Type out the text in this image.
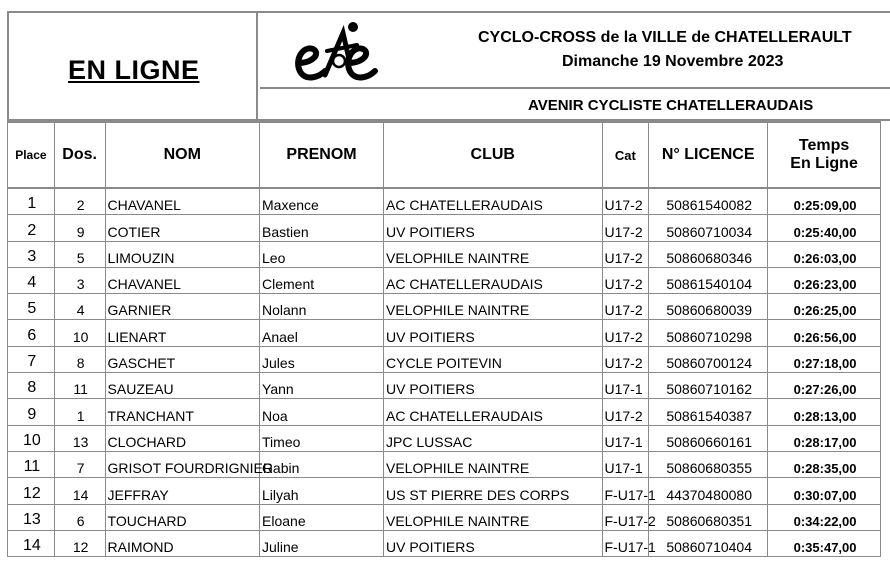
EN LIGNE
CYCLO-CROSS de la VILLE de CHATELLERAULT
Dimanche 19 Novembre 2023
AVENIR CYCLISTE CHATELLERAUDAIS
Place	Dos.	NOM	PRENOM	CLUB	Cat	N° LICENCE	Temps
En Ligne

1	2	CHAVANEL	Maxence	AC CHATELLERAUDAIS	U17-2	50861540082	0:25:09,00
2	9	COTIER	Bastien	UV POITIERS	U17-2	50860710034	0:25:40,00
3	5	LIMOUZIN	Leo	VELOPHILE NAINTRE	U17-2	50860680346	0:26:03,00
4	3	CHAVANEL	Clement	AC CHATELLERAUDAIS	U17-2	50861540104	0:26:23,00
5	4	GARNIER	Nolann	VELOPHILE NAINTRE	U17-2	50860680039	0:26:25,00
6	10	LIENART	Anael	UV POITIERS	U17-2	50860710298	0:26:56,00
7	8	GASCHET	Jules	CYCLE POITEVIN	U17-2	50860700124	0:27:18,00
8	11	SAUZEAU	Yann	UV POITIERS	U17-1	50860710162	0:27:26,00
9	1	TRANCHANT	Noa	AC CHATELLERAUDAIS	U17-2	50861540387	0:28:13,00
10	13	CLOCHARD	Timeo	JPC LUSSAC	U17-1	50860660161	0:28:17,00
11	7	GRISOT FOURDRIGNIER	Gabin	VELOPHILE NAINTRE	U17-1	50860680355	0:28:35,00
12	14	JEFFRAY	Lilyah	US ST PIERRE DES CORPS	F-U17-1	44370480080	0:30:07,00
13	6	TOUCHARD	Eloane	VELOPHILE NAINTRE	F-U17-2	50860680351	0:34:22,00
14	12	RAIMOND	Juline	UV POITIERS	F-U17-1	50860710404	0:35:47,00
